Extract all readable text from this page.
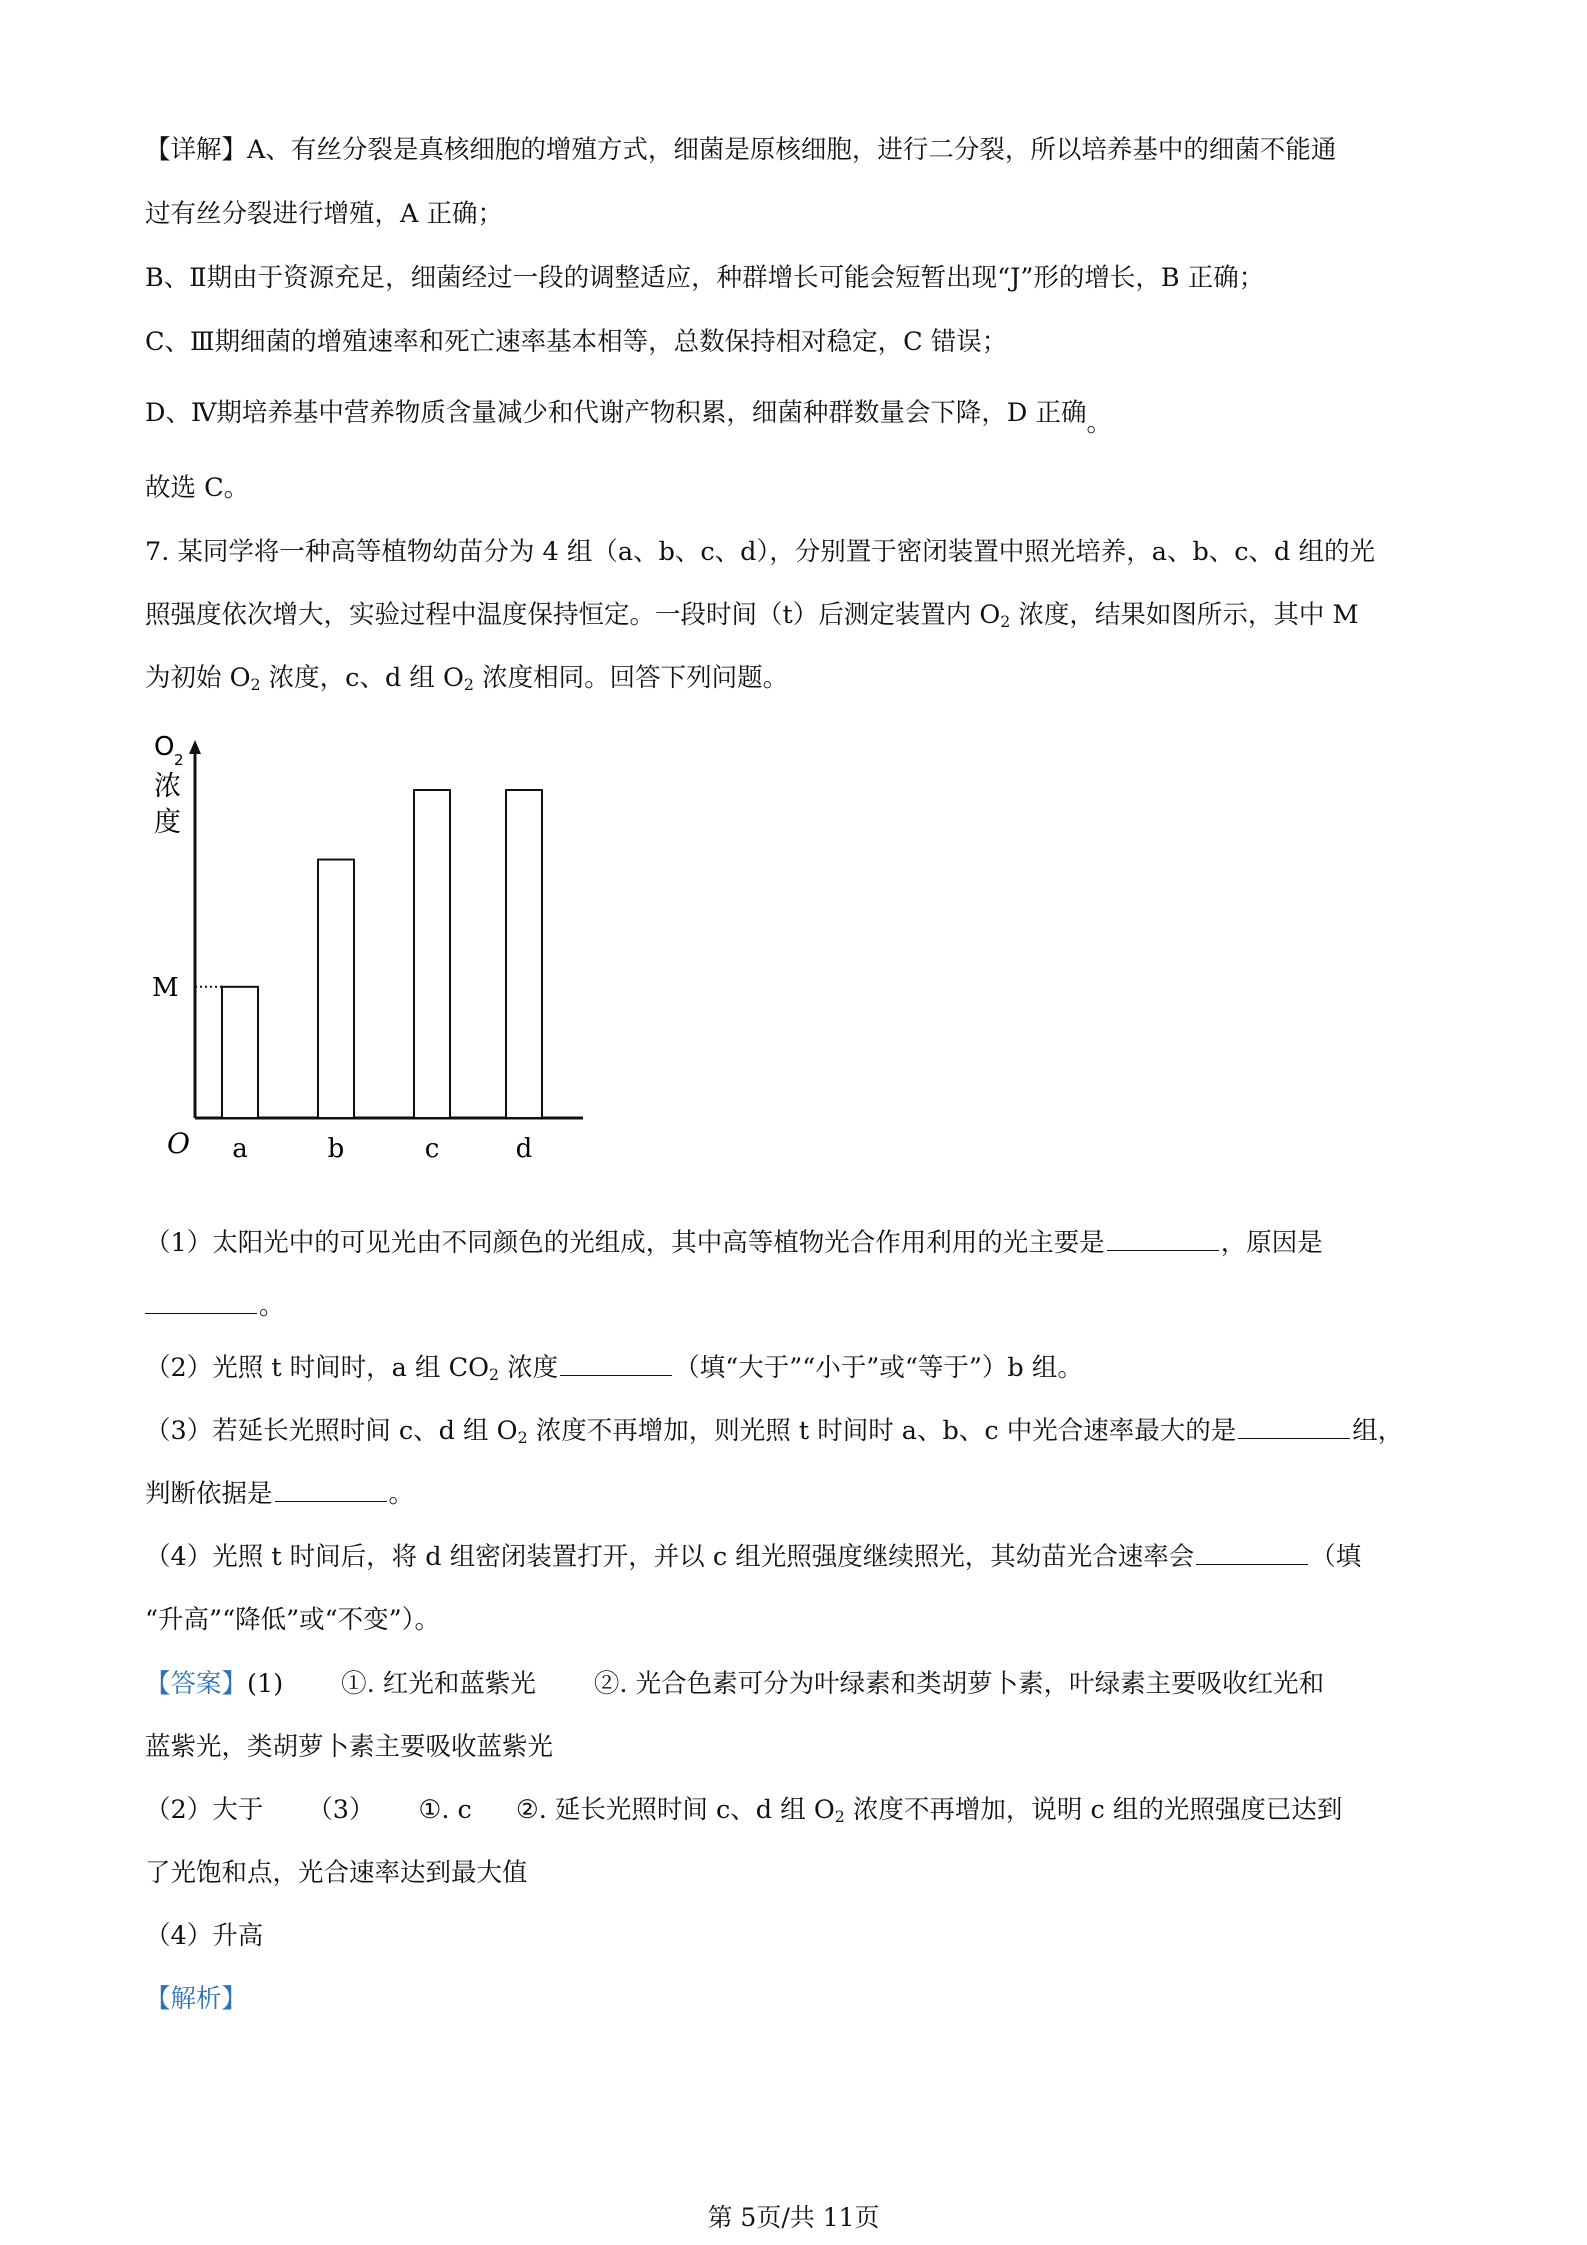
【详解】A、有丝分裂是真核细胞的增殖方式，细菌是原核细胞，进行二分裂，所以培养基中的细菌不能通
过有丝分裂进行增殖，A 正确；
B、Ⅱ期由于资源充足，细菌经过一段的调整适应，种群增长可能会短暂出现“J”形的增长，B 正确；
C、Ⅲ期细菌的增殖速率和死亡速率基本相等，总数保持相对稳定，C 错误；
D、Ⅳ期培养基中营养物质含量减少和代谢产物积累，细菌种群数量会下降，D 正确。
故选 C。
7. 某同学将一种高等植物幼苗分为 4 组（a、b、c、d），分别置于密闭装置中照光培养，a、b、c、d 组的光
照强度依次增大，实验过程中温度保持恒定。一段时间（t）后测定装置内 $O_2$ 浓度，结果如图所示，其中 M
为初始 $O_2$ 浓度，c、d 组 $O_2$ 浓度相同。回答下列问题。
O 2
浓
度
O a	b	c	d
M
（1）太阳光中的可见光由不同颜色的光组成，其中高等植物光合作用利用的光主要是	，原因是
。
（2）光照 t 时间时，a 组 $CO_2$ 浓度	（填“大于”“小于”或“等于”）b 组。
（3）若延长光照时间 c、d 组 $O_2$ 浓度不再增加，则光照 t 时间时 a、b、c 中光合速率最大的是	组，
判断依据是	。
（4）光照 t 时间后，将 d 组密闭装置打开，并以 c 组光照强度继续照光，其幼苗光合速率会	（填
“升高”“降低”或“不变”）。
【答案】(1) ①. 红光和蓝紫光 ②. 光合色素可分为叶绿素和类胡萝卜素，叶绿素主要吸收红光和
蓝紫光，类胡萝卜素主要吸收蓝紫光
（2）大于 （3） ①. c ②. 延长光照时间 c、d 组 $O_2$ 浓度不再增加，说明 c 组的光照强度已达到
了光饱和点，光合速率达到最大值
（4）升高
【解析】
第 5页/共 11页
